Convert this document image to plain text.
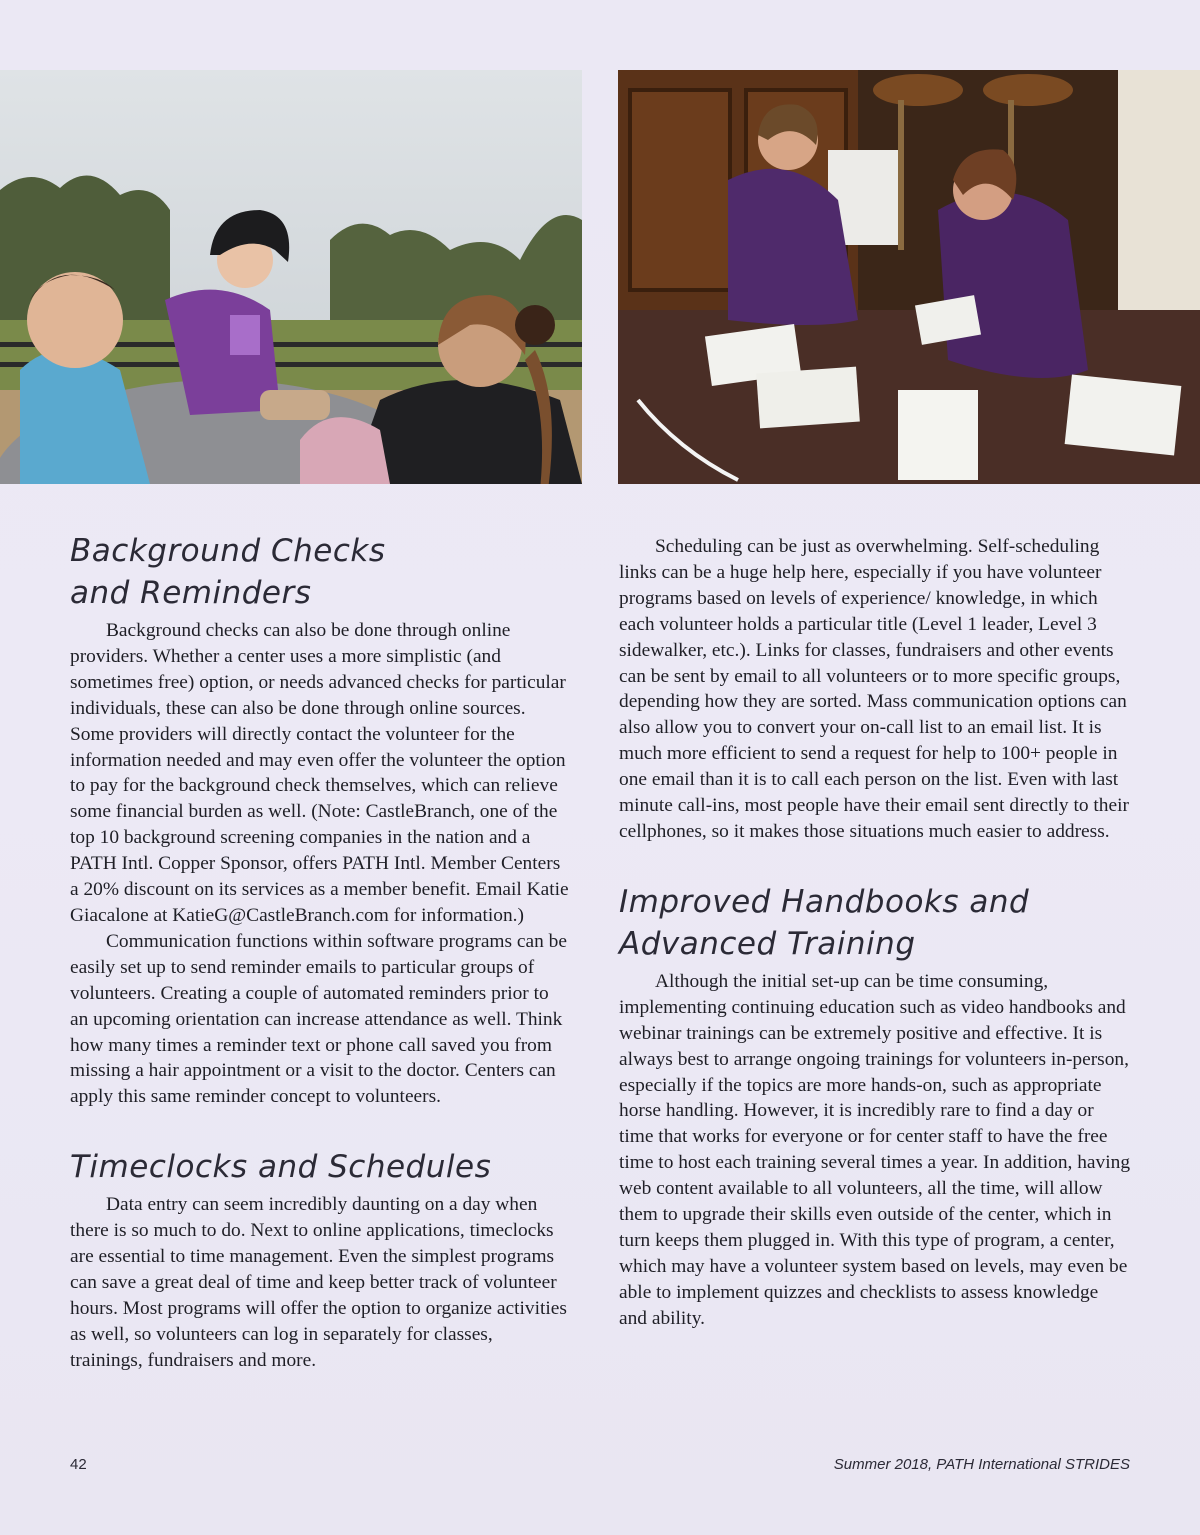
Background Checks
and Reminders

Background checks can also be done through online providers. Whether a center uses a more simplistic (and sometimes free) option, or needs advanced checks for particular individuals, these can also be done through online sources. Some providers will directly contact the volunteer for the information needed and may even offer the volunteer the option to pay for the background check themselves, which can relieve some financial burden as well. (Note: CastleBranch, one of the top 10 background screening companies in the nation and a PATH Intl. Copper Sponsor, offers PATH Intl. Member Centers a 20% discount on its services as a member benefit. Email Katie Giacalone at KatieG@CastleBranch.com for information.)

Communication functions within software programs can be easily set up to send reminder emails to particular groups of volunteers. Creating a couple of automated reminders prior to an upcoming orientation can increase attendance as well. Think how many times a reminder text or phone call saved you from missing a hair appointment or a visit to the doctor. Centers can apply this same reminder concept to volunteers.

Timeclocks and Schedules

Data entry can seem incredibly daunting on a day when there is so much to do. Next to online applications, timeclocks are essential to time management. Even the simplest programs can save a great deal of time and keep better track of volunteer hours. Most programs will offer the option to organize activities as well, so volunteers can log in separately for classes, trainings, fundraisers and more.

Scheduling can be just as overwhelming. Self-scheduling links can be a huge help here, especially if you have volunteer programs based on levels of experience/ knowledge, in which each volunteer holds a particular title (Level 1 leader, Level 3 sidewalker, etc.). Links for classes, fundraisers and other events can be sent by email to all volunteers or to more specific groups, depending how they are sorted. Mass communication options can also allow you to convert your on-call list to an email list. It is much more efficient to send a request for help to 100+ people in one email than it is to call each person on the list. Even with last minute call-ins, most people have their email sent directly to their cellphones, so it makes those situations much easier to address.

Improved Handbooks and
Advanced Training

Although the initial set-up can be time consuming, implementing continuing education such as video handbooks and webinar trainings can be extremely positive and effective. It is always best to arrange ongoing trainings for volunteers in-person, especially if the topics are more hands-on, such as appropriate horse handling. However, it is incredibly rare to find a day or time that works for everyone or for center staff to have the free time to host each training several times a year. In addition, having web content available to all volunteers, all the time, will allow them to upgrade their skills even outside of the center, which in turn keeps them plugged in. With this type of program, a center, which may have a volunteer system based on levels, may even be able to implement quizzes and checklists to assess knowledge and ability.

42	Summer 2018, PATH International STRIDES
